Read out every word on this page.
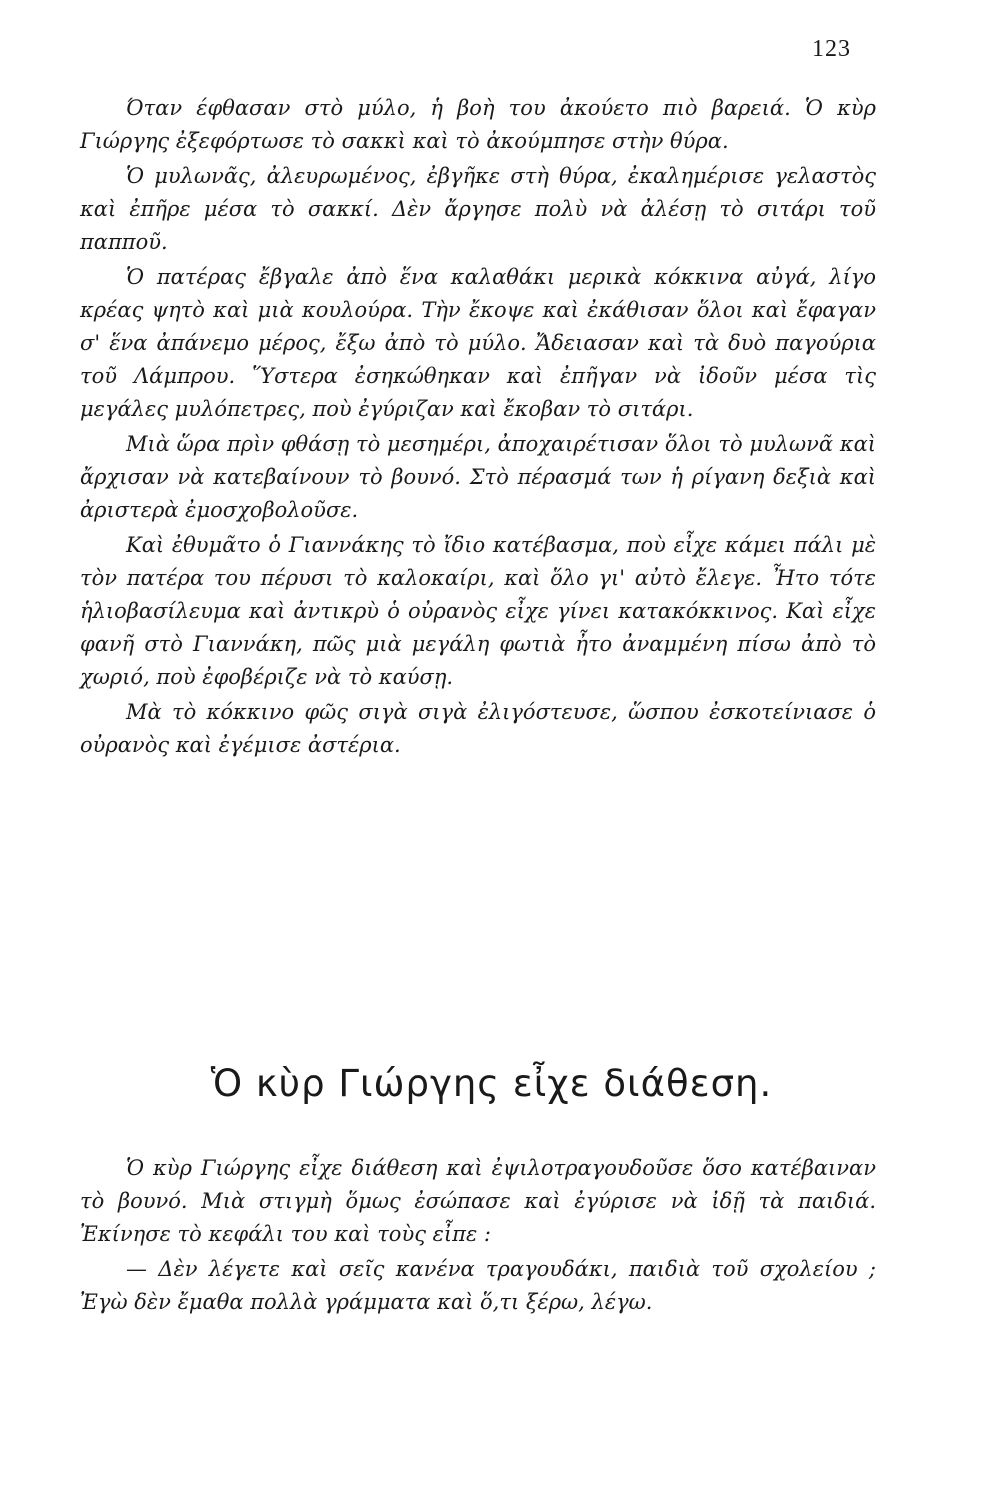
123

Όταν έφθασαν στὸ μύλο, ἡ βοὴ του ἀκούετο πιὸ βαρειά. Ὁ κὺρ Γιώργης ἐξεφόρτωσε τὸ σακκὶ καὶ τὸ ἀκούμπησε στὴν θύρα.

Ὁ μυλωνᾶς, ἀλευρωμένος, ἐβγῆκε στὴ θύρα, ἐκαλημέρισε γελαστὸς καὶ ἐπῆρε μέσα τὸ σακκί. Δὲν ἄργησε πολὺ νὰ ἀλέσῃ τὸ σιτάρι τοῦ παπποῦ.

Ὁ πατέρας ἔβγαλε ἀπὸ ἕνα καλαθάκι μερικὰ κόκκινα αὐγά, λίγο κρέας ψητὸ καὶ μιὰ κουλούρα. Τὴν ἔκοψε καὶ ἐκάθισαν ὅλοι καὶ ἔφαγαν σ' ἕνα ἀπάνεμο μέρος, ἔξω ἀπὸ τὸ μύλο. Ἄδειασαν καὶ τὰ δυὸ παγούρια τοῦ Λάμπρου. Ὕστερα ἐσηκώθηκαν καὶ ἐπῆγαν νὰ ἰδοῦν μέσα τὶς μεγάλες μυλόπετρες, ποὺ ἐγύριζαν καὶ ἔκοβαν τὸ σιτάρι.

Μιὰ ὥρα πρὶν φθάσῃ τὸ μεσημέρι, ἀποχαιρέτισαν ὅλοι τὸ μυλωνᾶ καὶ ἄρχισαν νὰ κατεβαίνουν τὸ βουνό. Στὸ πέρασμά των ἡ ρίγανη δεξιὰ καὶ ἀριστερὰ ἐμοσχοβολοῦσε.

Καὶ ἐθυμᾶτο ὁ Γιαννάκης τὸ ἴδιο κατέβασμα, ποὺ εἶχε κάμει πάλι μὲ τὸν πατέρα του πέρυσι τὸ καλοκαίρι, καὶ ὅλο γι' αὐτὸ ἔλεγε. Ἦτο τότε ἡλιοβασίλευμα καὶ ἀντικρὺ ὁ οὐρανὸς εἶχε γίνει κατακόκκινος. Καὶ εἶχε φανῆ στὸ Γιαννάκη, πῶς μιὰ μεγάλη φωτιὰ ἦτο ἀναμμένη πίσω ἀπὸ τὸ χωριό, ποὺ ἐφοβέριζε νὰ τὸ καύσῃ.

Μὰ τὸ κόκκινο φῶς σιγὰ σιγὰ ἐλιγόστευσε, ὥσπου ἐσκοτείνιασε ὁ οὐρανὸς καὶ ἐγέμισε ἀστέρια.

Ὁ κὺρ Γιώργης εἶχε διάθεση.

Ὁ κὺρ Γιώργης εἶχε διάθεση καὶ ἐψιλοτραγουδοῦσε ὅσο κατέβαιναν τὸ βουνό. Μιὰ στιγμὴ ὅμως ἐσώπασε καὶ ἐγύρισε νὰ ἰδῇ τὰ παιδιά. Ἐκίνησε τὸ κεφάλι του καὶ τοὺς εἶπε :

— Δὲν λέγετε καὶ σεῖς κανένα τραγουδάκι, παιδιὰ τοῦ σχολείου ; Ἐγὼ δὲν ἔμαθα πολλὰ γράμματα καὶ ὅ,τι ξέρω, λέγω.
